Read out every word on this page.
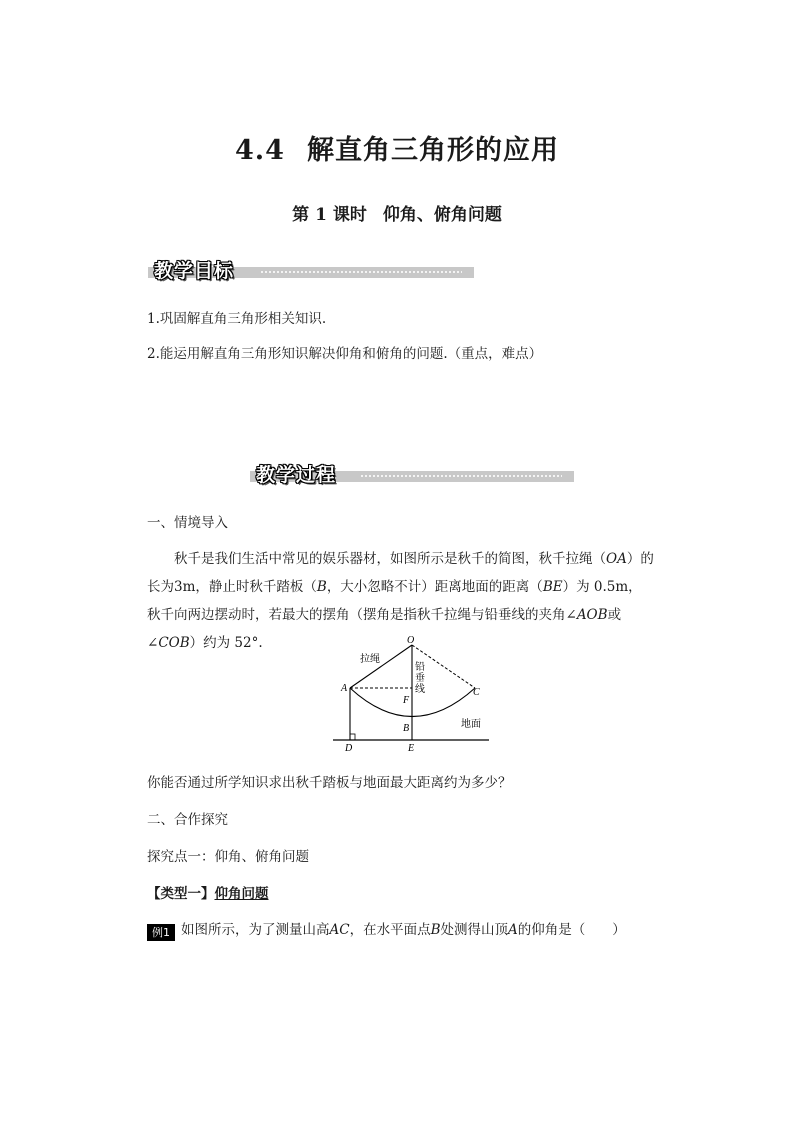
4.4 解直角三角形的应用
第 1 课时 仰角、俯角问题
教学目标
1.巩固解直角三角形相关知识.
2.能运用解直角三角形知识解决仰角和俯角的问题.（重点，难点）
教学过程
一、情境导入
秋千是我们生活中常见的娱乐器材，如图所示是秋千的简图，秋千拉绳（OA）的长为3m，静止时秋千踏板（B，大小忽略不计）距离地面的距离（BE）为 0.5m，秋千向两边摆动时，若最大的摆角（摆角是指秋千拉绳与铅垂线的夹角∠AOB或∠COB）约为 52°.	O
A	C
F
B
D	E
拉绳
铅
垂
线
地面
你能否通过所学知识求出秋千踏板与地面最大距离约为多少？
二、合作探究
探究点一：仰角、俯角问题
【类型一】仰角问题
例1 如图所示，为了测量山高AC，在水平面点B处测得山顶A的仰角是（　　）
